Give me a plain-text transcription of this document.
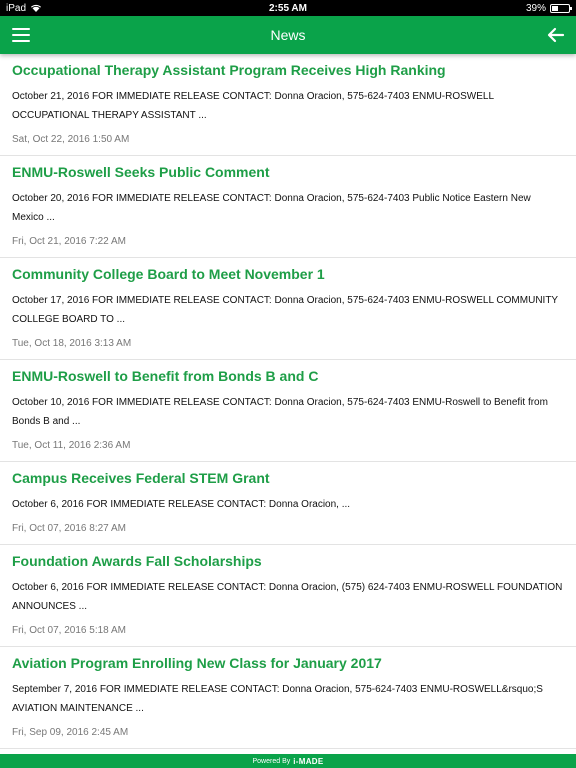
iPad	2:55 AM	39%
News
Occupational Therapy Assistant Program Receives High Ranking
October 21, 2016 FOR IMMEDIATE RELEASE CONTACT: Donna Oracion, 575-624-7403 ENMU-ROSWELL OCCUPATIONAL THERAPY ASSISTANT ...
Sat, Oct 22, 2016 1:50 AM
ENMU-Roswell Seeks Public Comment
October 20, 2016 FOR IMMEDIATE RELEASE CONTACT: Donna Oracion, 575-624-7403 Public Notice Eastern New Mexico ...
Fri, Oct 21, 2016 7:22 AM
Community College Board to Meet November 1
October 17, 2016 FOR IMMEDIATE RELEASE CONTACT: Donna Oracion, 575-624-7403 ENMU-ROSWELL COMMUNITY COLLEGE BOARD TO ...
Tue, Oct 18, 2016 3:13 AM
ENMU-Roswell to Benefit from Bonds B and C
October 10, 2016 FOR IMMEDIATE RELEASE CONTACT: Donna Oracion, 575-624-7403 ENMU-Roswell to Benefit from Bonds B and ...
Tue, Oct 11, 2016 2:36 AM
Campus Receives Federal STEM Grant
October 6, 2016 FOR IMMEDIATE RELEASE CONTACT: Donna Oracion, ...
Fri, Oct 07, 2016 8:27 AM
Foundation Awards Fall Scholarships
October 6, 2016 FOR IMMEDIATE RELEASE CONTACT: Donna Oracion, (575) 624-7403 ENMU-ROSWELL FOUNDATION ANNOUNCES ...
Fri, Oct 07, 2016 5:18 AM
Aviation Program Enrolling New Class for January 2017
September 7, 2016 FOR IMMEDIATE RELEASE CONTACT: Donna Oracion, 575-624-7403 ENMU-ROSWELL&rsquo;S AVIATION MAINTENANCE ...
Fri, Sep 09, 2016 2:45 AM
Powered By i-MADE
